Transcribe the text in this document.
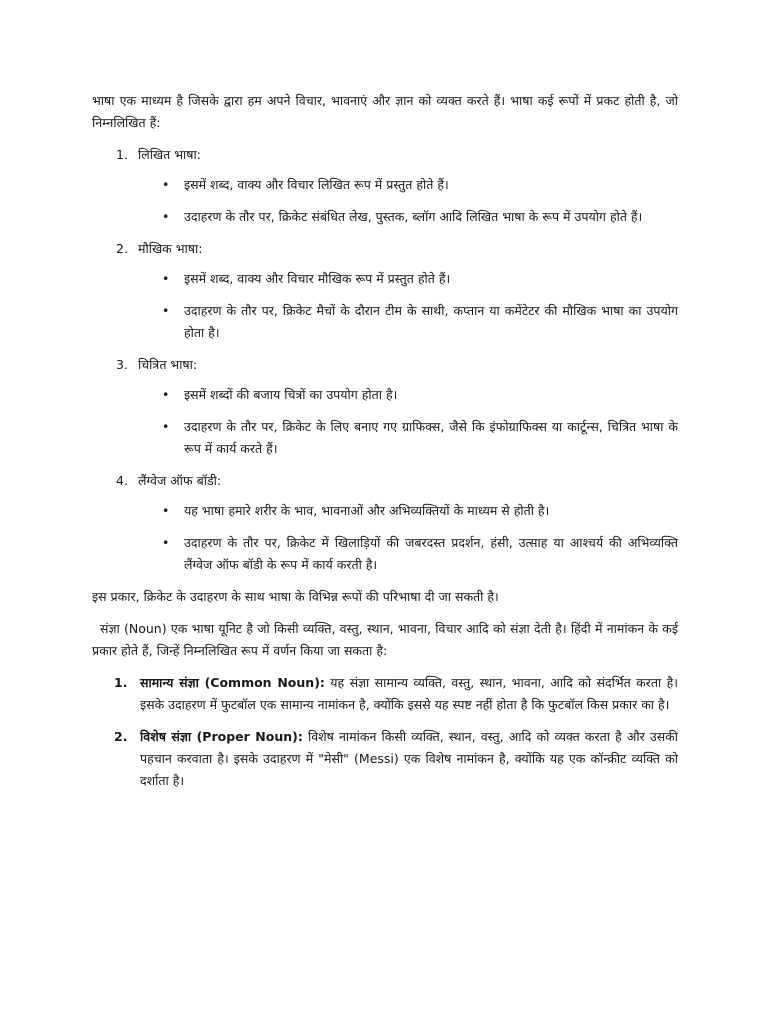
भाषा एक माध्यम है जिसके द्वारा हम अपने विचार, भावनाएं और ज्ञान को व्यक्त करते हैं। भाषा कई रूपों में प्रकट होती है, जो निम्नलिखित हैं:

1. लिखित भाषा:
• इसमें शब्द, वाक्य और विचार लिखित रूप में प्रस्तुत होते हैं।
• उदाहरण के तौर पर, क्रिकेट संबंधित लेख, पुस्तक, ब्लॉग आदि लिखित भाषा के रूप में उपयोग होते हैं।
2. मौखिक भाषा:
• इसमें शब्द, वाक्य और विचार मौखिक रूप में प्रस्तुत होते हैं।
• उदाहरण के तौर पर, क्रिकेट मैचों के दौरान टीम के साथी, कप्तान या कमेंटेटर की मौखिक भाषा का उपयोग होता है।
3. चित्रित भाषा:
• इसमें शब्दों की बजाय चित्रों का उपयोग होता है।
• उदाहरण के तौर पर, क्रिकेट के लिए बनाए गए ग्राफिक्स, जैसे कि इंफोग्राफिक्स या कार्टून्स, चित्रित भाषा के रूप में कार्य करते हैं।
4. लैंग्वेज ऑफ बॉडी:
• यह भाषा हमारे शरीर के भाव, भावनाओं और अभिव्यक्तियों के माध्यम से होती है।
• उदाहरण के तौर पर, क्रिकेट में खिलाड़ियों की जबरदस्त प्रदर्शन, हंसी, उत्साह या आश्चर्य की अभिव्यक्ति लैंग्वेज ऑफ बॉडी के रूप में कार्य करती है।

इस प्रकार, क्रिकेट के उदाहरण के साथ भाषा के विभिन्न रूपों की परिभाषा दी जा सकती है।

संज्ञा (Noun) एक भाषा यूनिट है जो किसी व्यक्ति, वस्तु, स्थान, भावना, विचार आदि को संज्ञा देती है। हिंदी में नामांकन के कई प्रकार होते हैं, जिन्हें निम्नलिखित रूप में वर्णन किया जा सकता है:

1. सामान्य संज्ञा (Common Noun): यह संज्ञा सामान्य व्यक्ति, वस्तु, स्थान, भावना, आदि को संदर्भित करता है। इसके उदाहरण में फुटबॉल एक सामान्य नामांकन है, क्योंकि इससे यह स्पष्ट नहीं होता है कि फुटबॉल किस प्रकार का है।
2. विशेष संज्ञा (Proper Noun): विशेष नामांकन किसी व्यक्ति, स्थान, वस्तु, आदि को व्यक्त करता है और उसकी पहचान करवाता है। इसके उदाहरण में "मेसी" (Messi) एक विशेष नामांकन है, क्योंकि यह एक कॉन्क्रीट व्यक्ति को दर्शाता है।
